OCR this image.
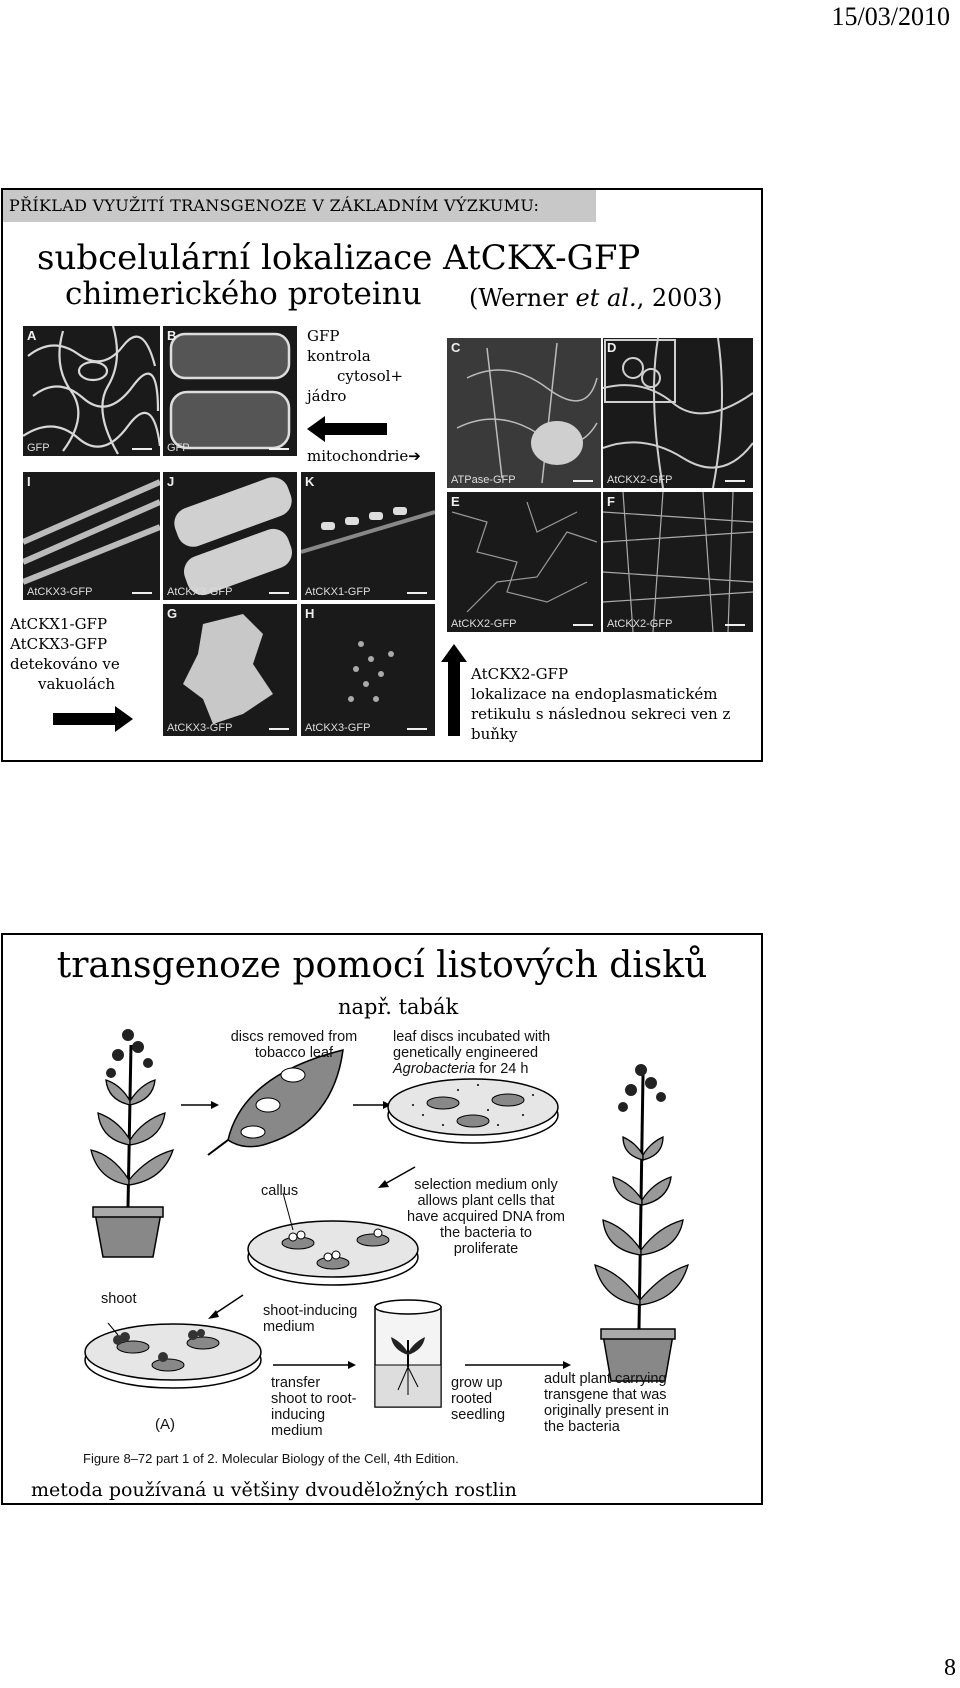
15/03/2010
PŘÍKLAD VYUŽITÍ TRANSGENOZE V ZÁKLADNÍM VÝZKUMU:
subcelulární lokalizace AtCKX-GFP
chimerického proteinu (Werner et al., 2003)
A
GFP
B
GFP
C
ATPase-GFP
D
AtCKX2-GFP
I
AtCKX3-GFP
J
AtCKX3-GFP
K
AtCKX1-GFP
E
AtCKX2-GFP
F
AtCKX2-GFP
G
AtCKX3-GFP
H
AtCKX3-GFP
GFP
kontrola
cytosol+
jádro
mitochondrie➔
AtCKX1-GFP
AtCKX3-GFP
detekováno ve
vakuolách
AtCKX2-GFP
lokalizace na endoplasmatickém
retikulu s následnou sekreci ven z
buňky
transgenoze pomocí listových disků
např. tabák
discs removed from
tobacco leaf
leaf discs incubated with
genetically engineered
Agrobacteria for 24 h
callus	selection medium only
allows plant cells that
have acquired DNA from
the bacteria to
proliferate
shoot
shoot-inducing
medium
transfer
shoot to root-
inducing
medium
grow up
rooted
seedling
adult plant carrying
transgene that was
originally present in
the bacteria
(A)
Figure 8–72 part 1 of 2. Molecular Biology of the Cell, 4th Edition.
metoda používaná u většiny dvouděložných rostlin
8
